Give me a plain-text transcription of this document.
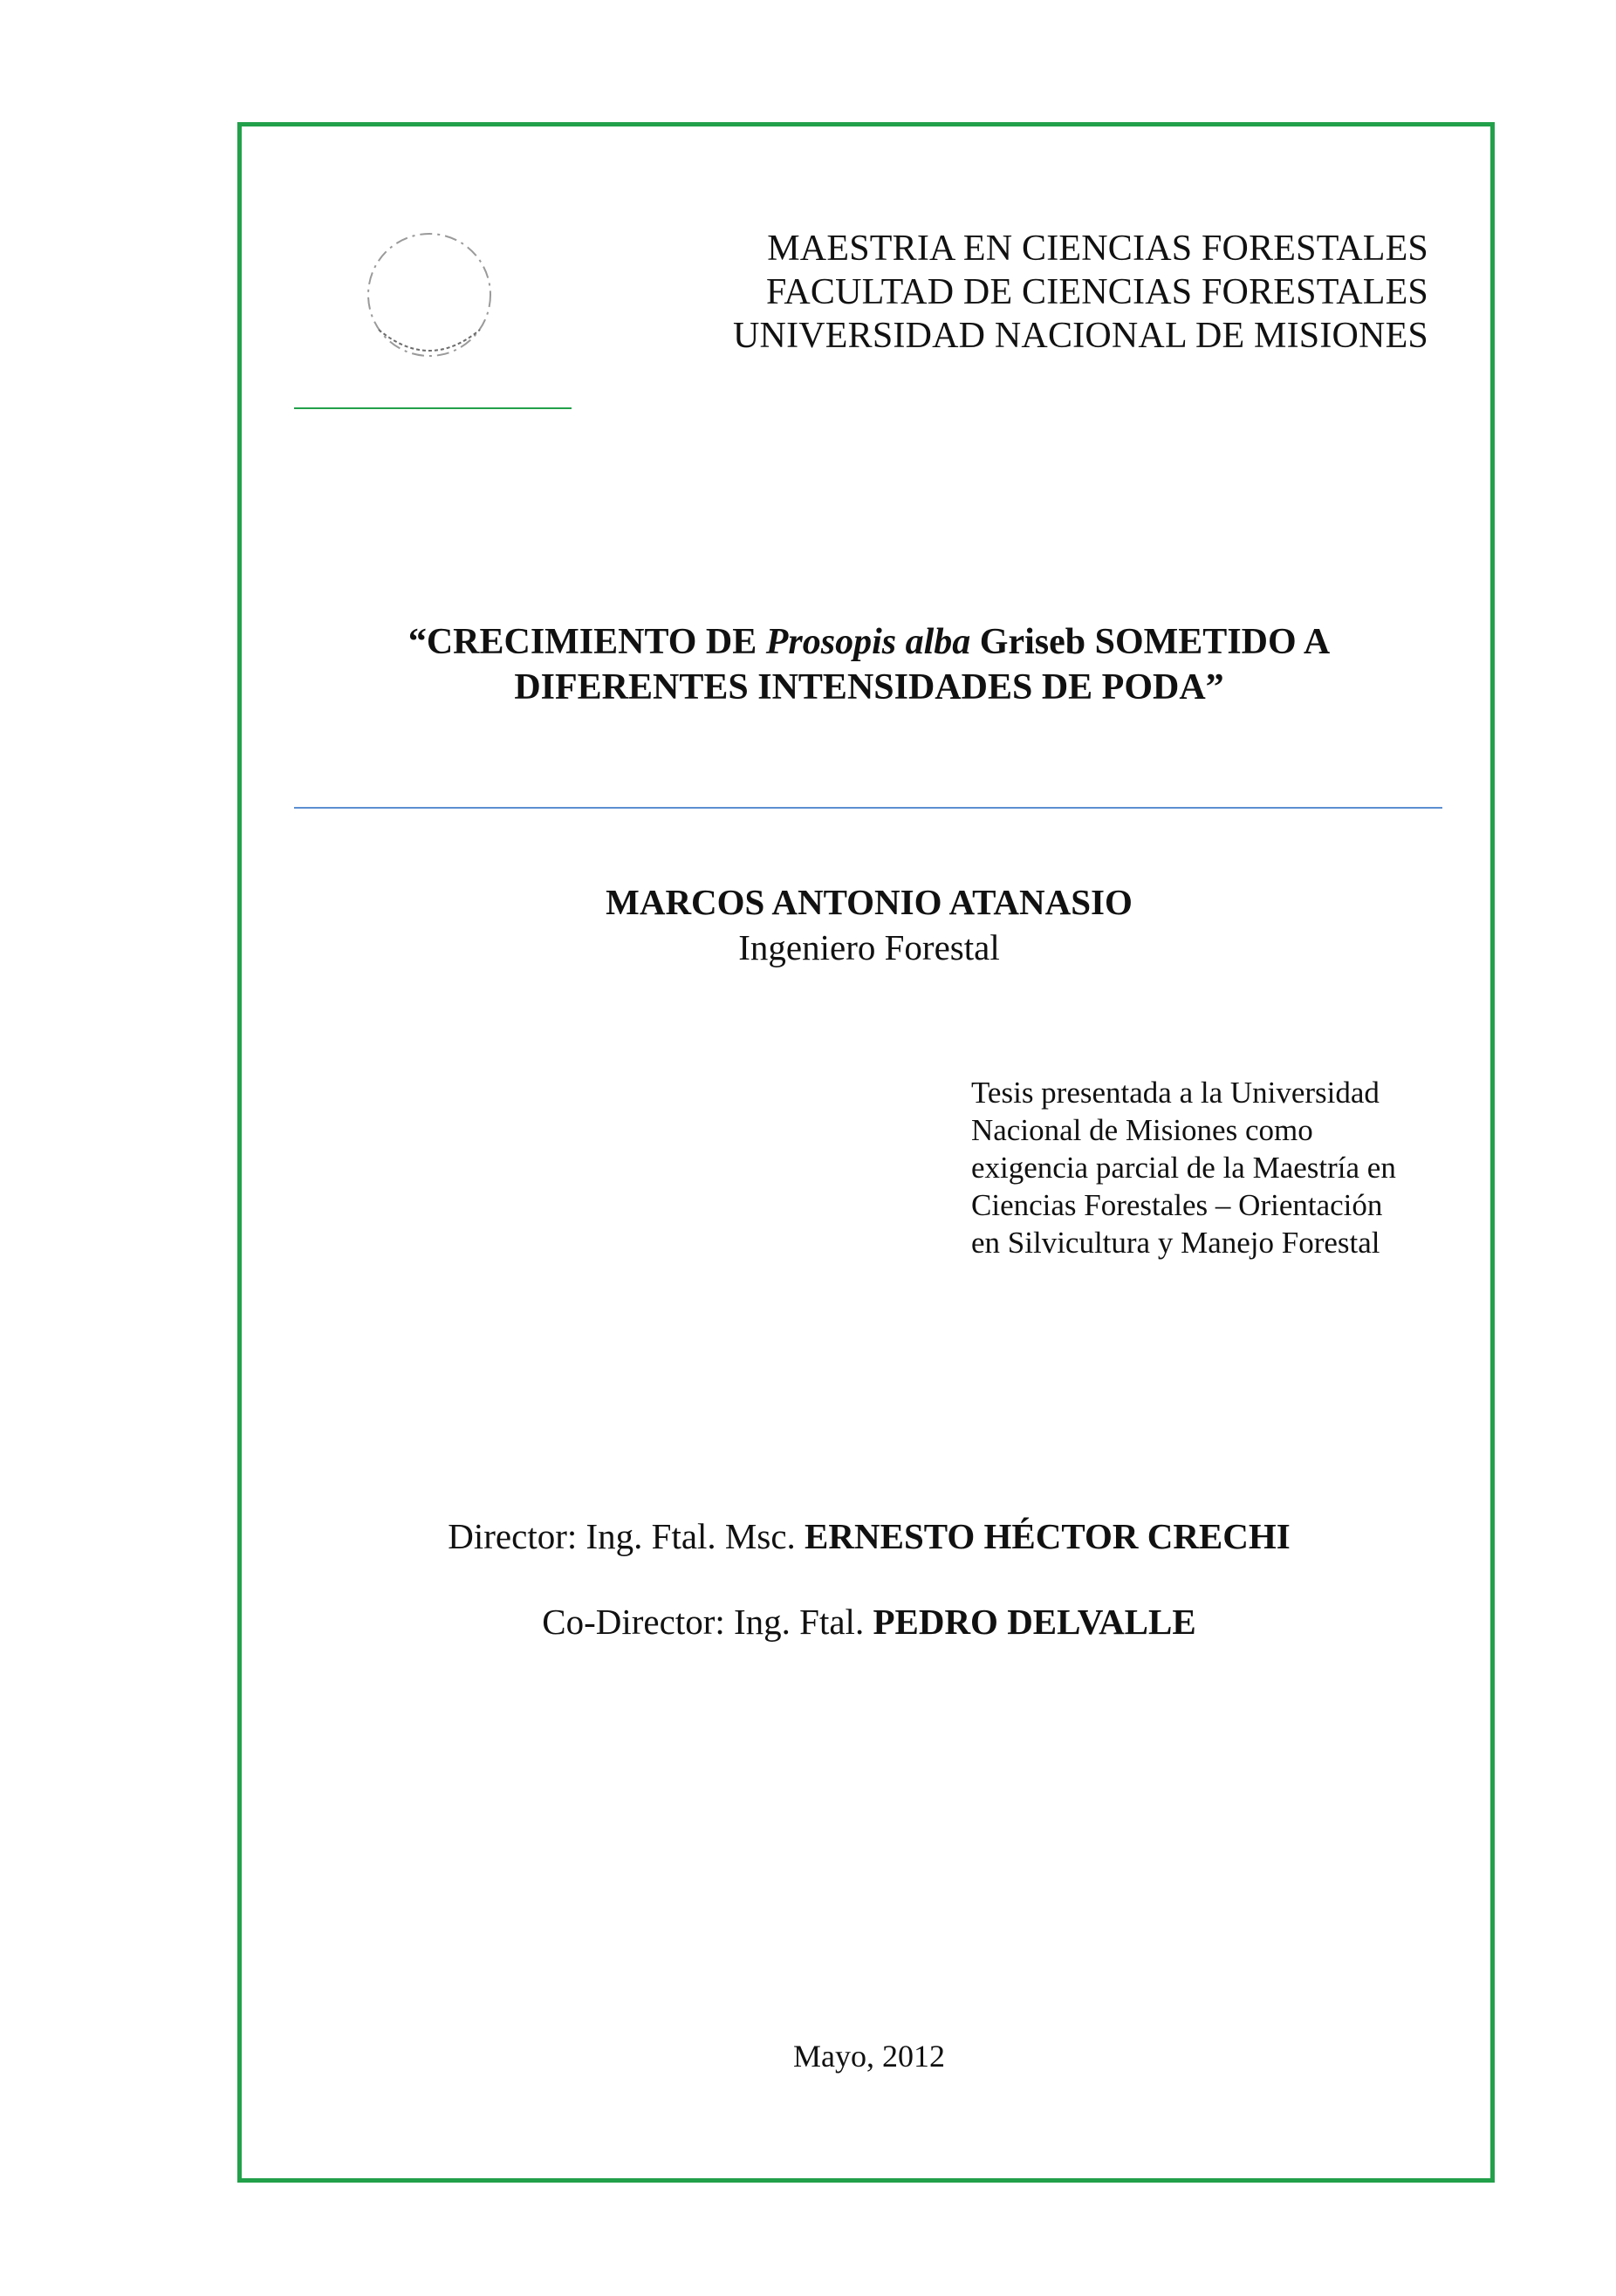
MAESTRIA EN CIENCIAS FORESTALES
FACULTAD DE CIENCIAS FORESTALES
UNIVERSIDAD NACIONAL DE MISIONES
“CRECIMIENTO DE Prosopis alba Griseb SOMETIDO A
DIFERENTES INTENSIDADES DE PODA”
MARCOS ANTONIO ATANASIO
Ingeniero Forestal
Tesis presentada a la Universidad
Nacional de Misiones como
exigencia parcial de la Maestría en
Ciencias Forestales – Orientación
en Silvicultura y Manejo Forestal
Director: Ing. Ftal. Msc. ERNESTO HÉCTOR CRECHI
Co-Director: Ing. Ftal. PEDRO DELVALLE
Mayo, 2012
